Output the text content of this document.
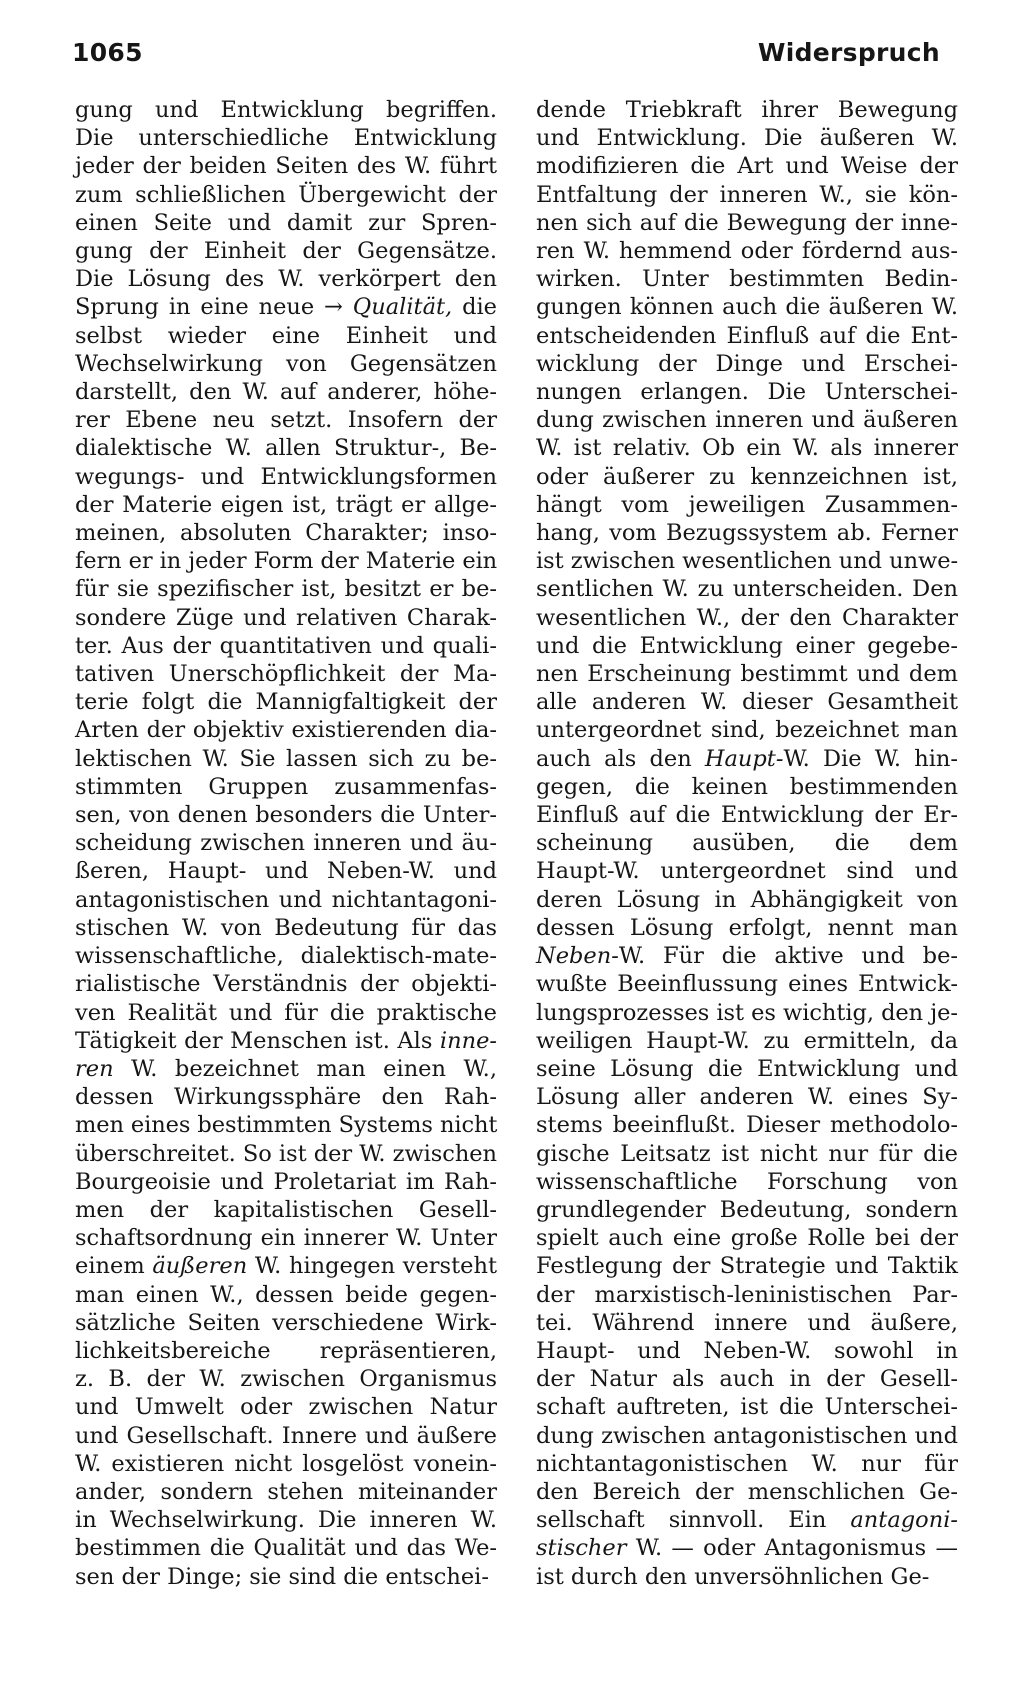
1065	Widerspruch
gung und Entwicklung begriffen.
Die unterschiedliche Entwicklung
jeder der beiden Seiten des W. führt
zum schließlichen Übergewicht der
einen Seite und damit zur Spren-
gung der Einheit der Gegensätze.
Die Lösung des W. verkörpert den
Sprung in eine neue → Qualität, die
selbst wieder eine Einheit und
Wechselwirkung von Gegensätzen
darstellt, den W. auf anderer, höhe-
rer Ebene neu setzt. Insofern der
dialektische W. allen Struktur-, Be-
wegungs- und Entwicklungsformen
der Materie eigen ist, trägt er allge-
meinen, absoluten Charakter; inso-
fern er in jeder Form der Materie ein
für sie spezifischer ist, besitzt er be-
sondere Züge und relativen Charak-
ter. Aus der quantitativen und quali-
tativen Unerschöpflichkeit der Ma-
terie folgt die Mannigfaltigkeit der
Arten der objektiv existierenden dia-
lektischen W. Sie lassen sich zu be-
stimmten Gruppen zusammenfas-
sen, von denen besonders die Unter-
scheidung zwischen inneren und äu-
ßeren, Haupt- und Neben-W. und
antagonistischen und nichtantagoni-
stischen W. von Bedeutung für das
wissenschaftliche, dialektisch-mate-
rialistische Verständnis der objekti-
ven Realität und für die praktische
Tätigkeit der Menschen ist. Als inne-
ren W. bezeichnet man einen W.,
dessen Wirkungssphäre den Rah-
men eines bestimmten Systems nicht
überschreitet. So ist der W. zwischen
Bourgeoisie und Proletariat im Rah-
men der kapitalistischen Gesell-
schaftsordnung ein innerer W. Unter
einem äußeren W. hingegen versteht
man einen W., dessen beide gegen-
sätzliche Seiten verschiedene Wirk-
lichkeitsbereiche repräsentieren,
z. B. der W. zwischen Organismus
und Umwelt oder zwischen Natur
und Gesellschaft. Innere und äußere
W. existieren nicht losgelöst vonein-
ander, sondern stehen miteinander
in Wechselwirkung. Die inneren W.
bestimmen die Qualität und das We-
sen der Dinge; sie sind die entschei-
dende Triebkraft ihrer Bewegung
und Entwicklung. Die äußeren W.
modifizieren die Art und Weise der
Entfaltung der inneren W., sie kön-
nen sich auf die Bewegung der inne-
ren W. hemmend oder fördernd aus-
wirken. Unter bestimmten Bedin-
gungen können auch die äußeren W.
entscheidenden Einfluß auf die Ent-
wicklung der Dinge und Erschei-
nungen erlangen. Die Unterschei-
dung zwischen inneren und äußeren
W. ist relativ. Ob ein W. als innerer
oder äußerer zu kennzeichnen ist,
hängt vom jeweiligen Zusammen-
hang, vom Bezugssystem ab. Ferner
ist zwischen wesentlichen und unwe-
sentlichen W. zu unterscheiden. Den
wesentlichen W., der den Charakter
und die Entwicklung einer gegebe-
nen Erscheinung bestimmt und dem
alle anderen W. dieser Gesamtheit
untergeordnet sind, bezeichnet man
auch als den Haupt-W. Die W. hin-
gegen, die keinen bestimmenden
Einfluß auf die Entwicklung der Er-
scheinung ausüben, die dem
Haupt-W. untergeordnet sind und
deren Lösung in Abhängigkeit von
dessen Lösung erfolgt, nennt man
Neben-W. Für die aktive und be-
wußte Beeinflussung eines Entwick-
lungsprozesses ist es wichtig, den je-
weiligen Haupt-W. zu ermitteln, da
seine Lösung die Entwicklung und
Lösung aller anderen W. eines Sy-
stems beeinflußt. Dieser methodolo-
gische Leitsatz ist nicht nur für die
wissenschaftliche Forschung von
grundlegender Bedeutung, sondern
spielt auch eine große Rolle bei der
Festlegung der Strategie und Taktik
der marxistisch-leninistischen Par-
tei. Während innere und äußere,
Haupt- und Neben-W. sowohl in
der Natur als auch in der Gesell-
schaft auftreten, ist die Unterschei-
dung zwischen antagonistischen und
nichtantagonistischen W. nur für
den Bereich der menschlichen Ge-
sellschaft sinnvoll. Ein antagoni-
stischer W. — oder Antagonismus —
ist durch den unversöhnlichen Ge-
